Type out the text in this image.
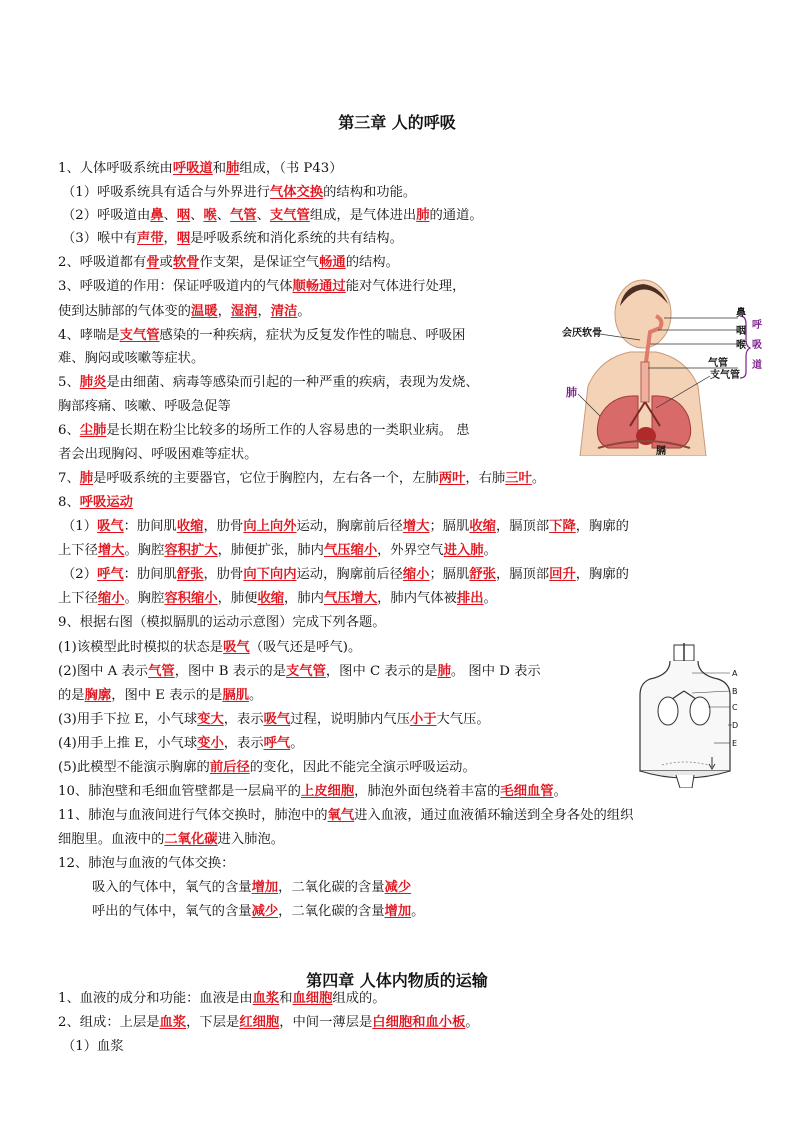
第三章 人的呼吸
1、人体呼吸系统由呼吸道和肺组成，（书 P43）
（1）呼吸系统具有适合与外界进行气体交换的结构和功能。
（2）呼吸道由鼻、咽、喉、气管、支气管组成，是气体进出肺的通道。
（3）喉中有声带，咽是呼吸系统和消化系统的共有结构。
2、呼吸道都有骨或软骨作支架，是保证空气畅通的结构。
3、呼吸道的作用：保证呼吸道内的气体顺畅通过能对气体进行处理，
使到达肺部的气体变的温暖，湿润，清洁。
4、哮喘是支气管感染的一种疾病，症状为反复发作性的喘息、呼吸困
难、胸闷或咳嗽等症状。
5、肺炎是由细菌、病毒等感染而引起的一种严重的疾病，表现为发烧、
胸部疼痛、咳嗽、呼吸急促等
6、尘肺是长期在粉尘比较多的场所工作的人容易患的一类职业病。 患
者会出现胸闷、呼吸困难等症状。
7、肺是呼吸系统的主要器官，它位于胸腔内，左右各一个，左肺两叶，右肺三叶。
8、呼吸运动
（1）吸气：肋间肌收缩，肋骨向上向外运动，胸廓前后径增大；膈肌收缩，膈顶部下降，胸廓的
上下径增大。胸腔容积扩大，肺便扩张，肺内气压缩小，外界空气进入肺。
（2）呼气：肋间肌舒张，肋骨向下向内运动，胸廓前后径缩小；膈肌舒张，膈顶部回升，胸廓的
上下径缩小。胸腔容积缩小，肺便收缩，肺内气压增大，肺内气体被排出。
9、根据右图（模拟膈肌的运动示意图）完成下列各题。
(1)该模型此时模拟的状态是吸气（吸气还是呼气)。
(2)图中 A 表示气管，图中 B 表示的是支气管，图中 C 表示的是肺。 图中 D 表示
的是胸廓，图中 E 表示的是膈肌。
(3)用手下拉 E，小气球变大，表示吸气过程，说明肺内气压小于大气压。
(4)用手上推 E，小气球变小，表示呼气。
(5)此模型不能演示胸廓的前后径的变化，因此不能完全演示呼吸运动。
10、肺泡壁和毛细血管壁都是一层扁平的上皮细胞，肺泡外面包绕着丰富的毛细血管。
11、肺泡与血液间进行气体交换时，肺泡中的氧气进入血液，通过血液循环输送到全身各处的组织
细胞里。血液中的二氧化碳进入肺泡。
12、肺泡与血液的气体交换：
吸入的气体中，氧气的含量增加，二氧化碳的含量减少
呼出的气体中，氧气的含量减少，二氧化碳的含量增加。
第四章 人体内物质的运输
1、血液的成分和功能：血液是由血浆和血细胞组成的。
2、组成：上层是血浆，下层是红细胞，中间一薄层是白细胞和血小板。
（1）血浆
鼻
咽
喉
气管
支气管
会厌软骨
肺
膈
呼 吸 道
A
B
C
D
E
